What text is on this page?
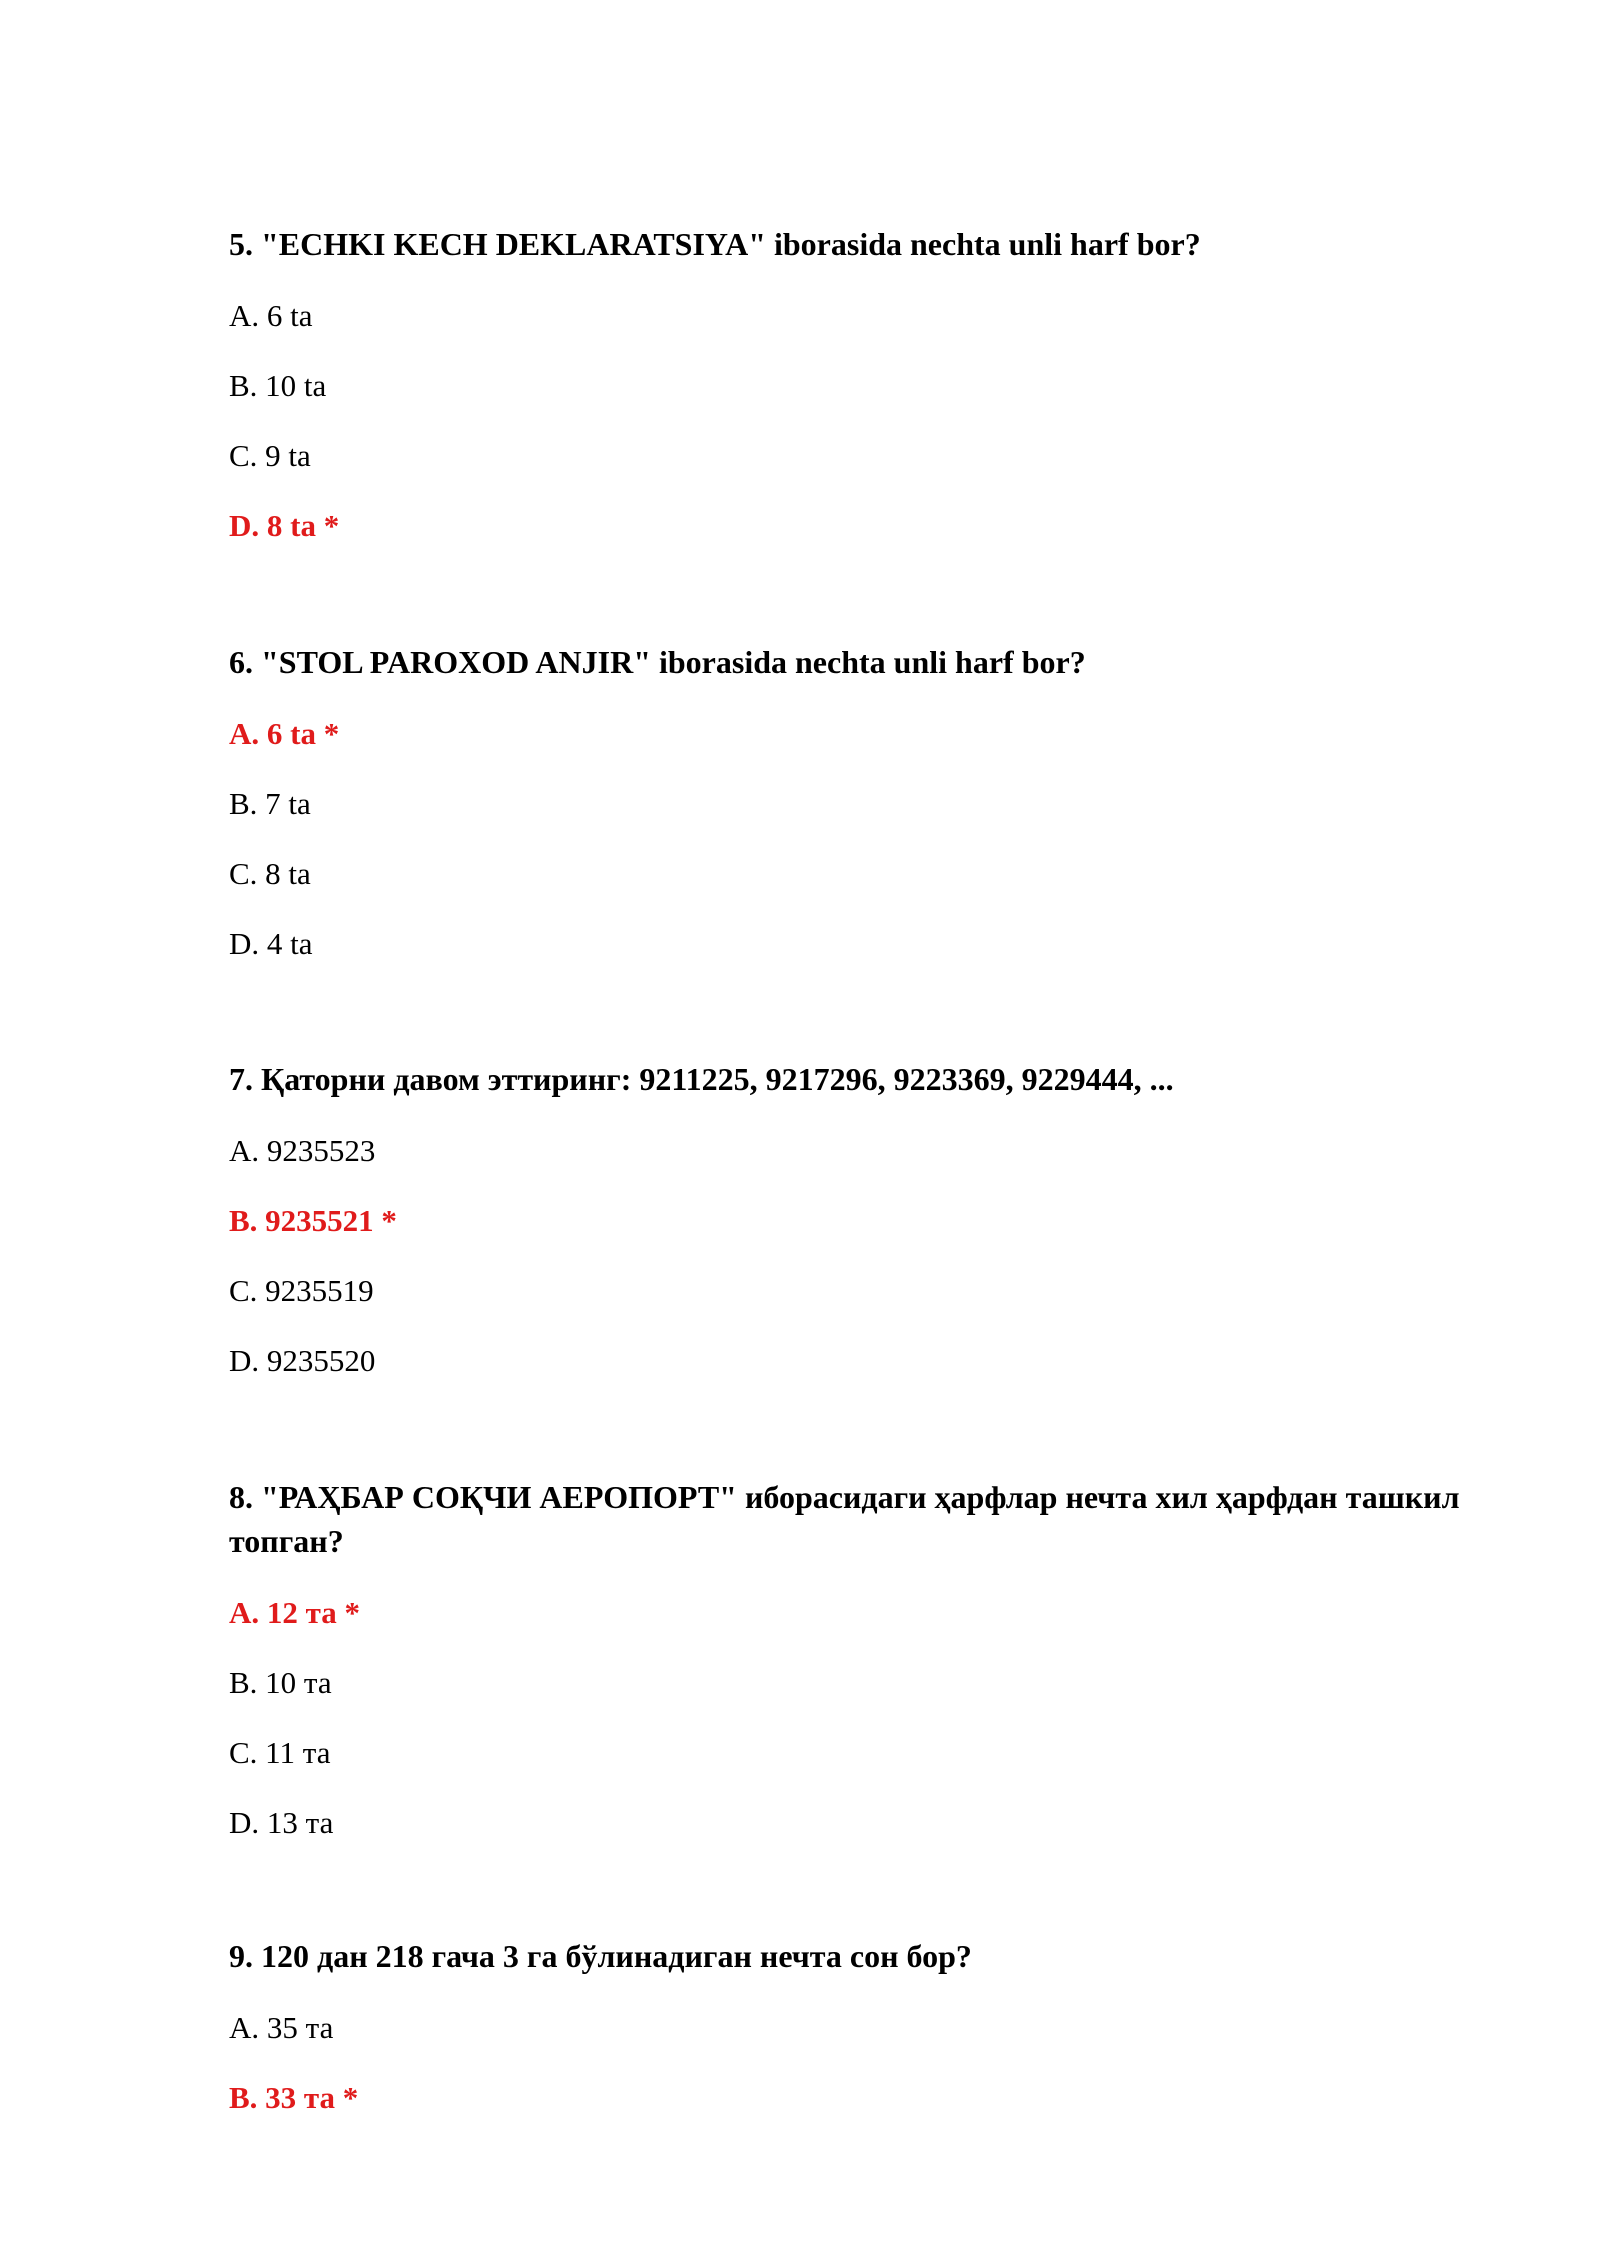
5. "ECHKI KECH DEKLARATSIYA" iborasida nechta unli harf bor?

A. 6 ta
B. 10 ta
C. 9 ta
D. 8 ta *

6. "STOL PAROXOD ANJIR" iborasida nechta unli harf bor?

A. 6 ta *
B. 7 ta
C. 8 ta
D. 4 ta

7. Қаторни давом эттиринг: 9211225, 9217296, 9223369, 9229444, ...

A. 9235523
B. 9235521 *
C. 9235519
D. 9235520

8. "РАҲБАР СОҚЧИ АЕРОПОРТ" иборасидаги ҳарфлар нечта хил ҳарфдан ташкил топган?

A. 12 та *
B. 10 та
C. 11 та
D. 13 та

9. 120 дан 218 гача 3 га бўлинадиган нечта сон бор?

A. 35 та
B. 33 та *
